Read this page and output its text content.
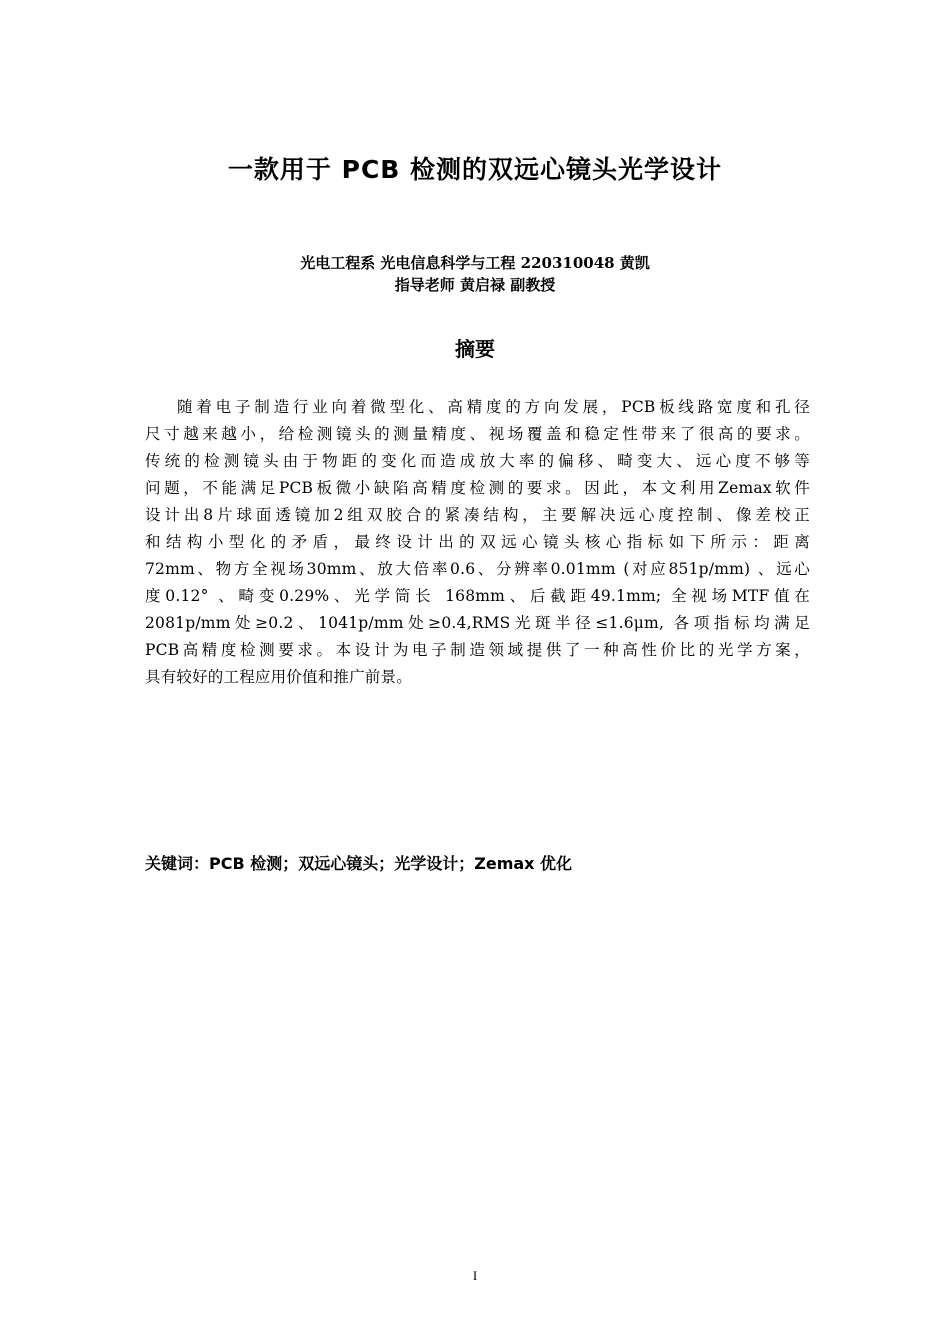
一款用于 PCB 检测的双远心镜头光学设计
光电工程系 光电信息科学与工程 220310048 黄凯
指导老师 黄启禄 副教授
摘要
随着电子制造行业向着微型化、高精度的方向发展，PCB板线路宽度和孔径
尺寸越来越小，给检测镜头的测量精度、视场覆盖和稳定性带来了很高的要求。
传统的检测镜头由于物距的变化而造成放大率的偏移、畸变大、远心度不够等
问题，不能满足PCB板微小缺陷高精度检测的要求。因此，本文利用Zemax软件
设计出8片球面透镜加2组双胶合的紧凑结构，主要解决远心度控制、像差校正
和结构小型化的矛盾，最终设计出的双远心镜头核心指标如下所示：距离
72mm、物方全视场30mm、放大倍率0.6、分辨率0.01mm (对应851p/mm) 、远心
度0.12° 、畸变0.29%、光学筒长 168mm、后截距49.1mm; 全视场MTF值在
2081p/mm处≥0.2、1041p/mm处≥0.4,RMS光斑半径≤1.6μm, 各项指标均满足
PCB高精度检测要求。本设计为电子制造领域提供了一种高性价比的光学方案，
具有较好的工程应用价值和推广前景。
关键词：PCB 检测；双远心镜头；光学设计；Zemax 优化
I
